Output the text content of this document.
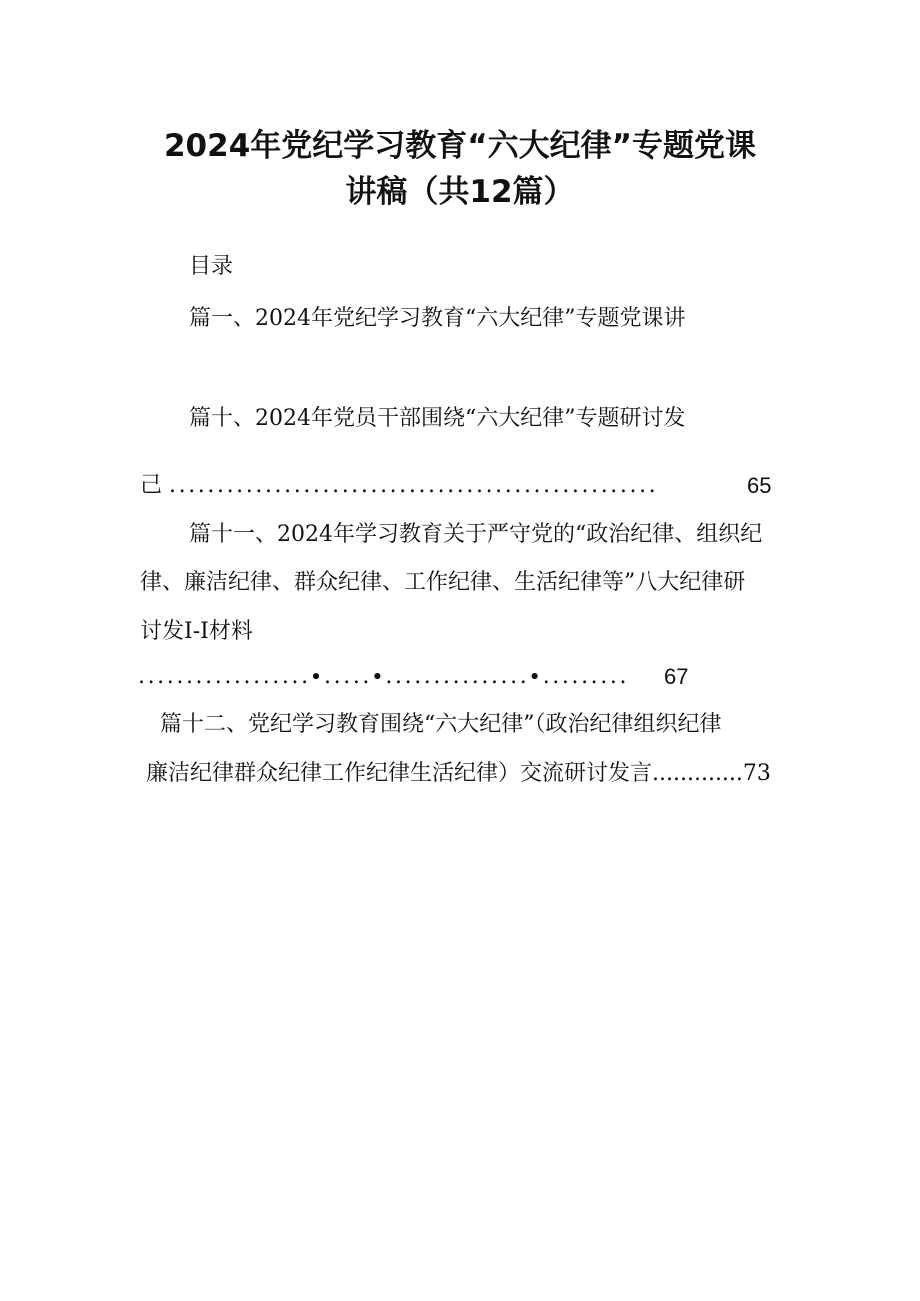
2024年党纪学习教育“六大纪律”专题党课
讲稿（共12篇）
目录
篇一、2024年党纪学习教育“六大纪律”专题党课讲
篇十、2024年党员干部围绕“六大纪律”专题研讨发
己 ...................................................	65
篇十一、2024年学习教育关于严守党的“政治纪律、组织纪
律、廉洁纪律、群众纪律、工作纪律、生活纪律等”八大纪律研
讨发I-I材料
..................∙.....∙...............∙......... 67
篇十二、党纪学习教育围绕“六大纪律”（政治纪律组织纪律
廉洁纪律群众纪律工作纪律生活纪律）交流研讨发言.............73
